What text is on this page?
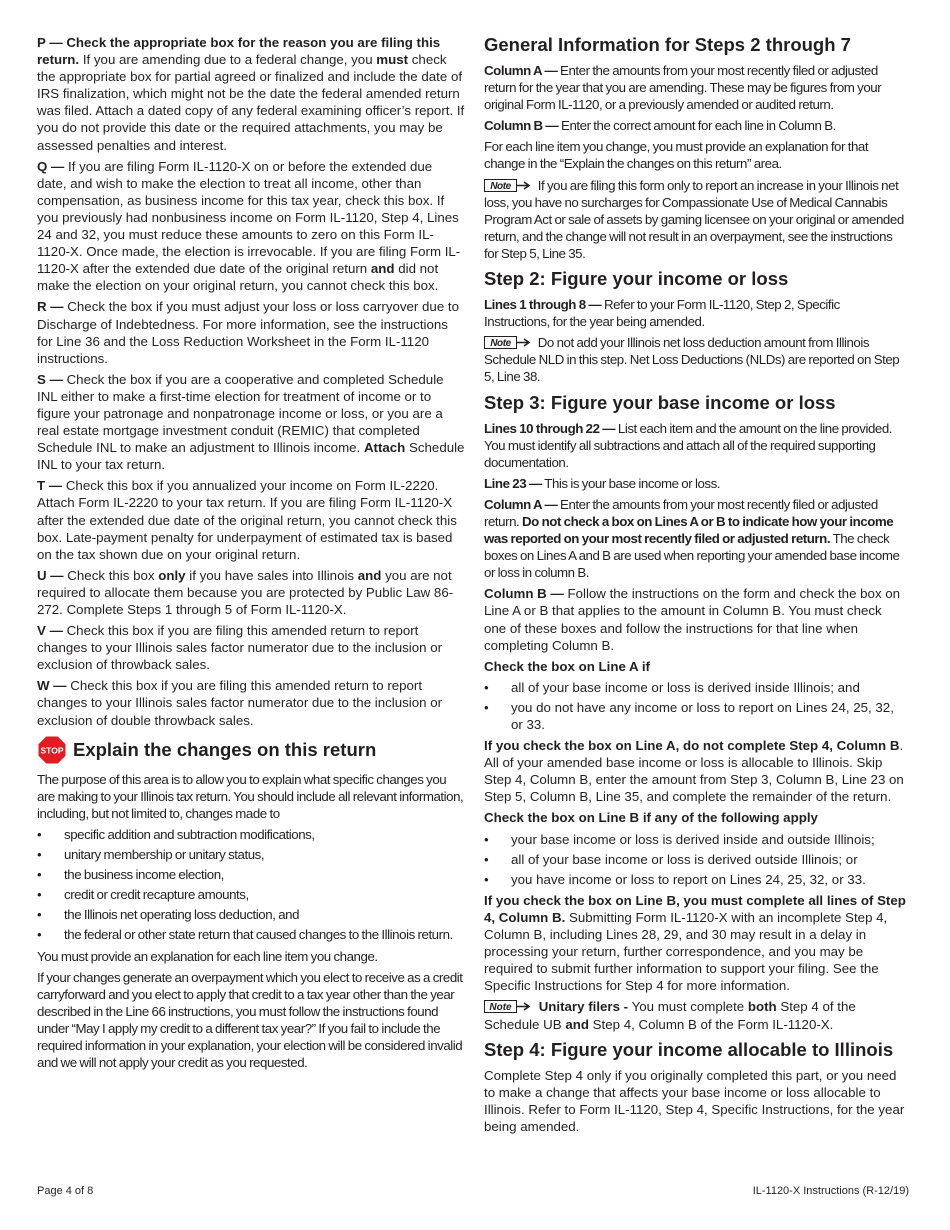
P — Check the appropriate box for the reason you are filing this return. If you are amending due to a federal change, you must check the appropriate box for partial agreed or finalized and include the date of IRS finalization, which might not be the date the federal amended return was filed. Attach a dated copy of any federal examining officer’s report. If you do not provide this date or the required attachments, you may be assessed penalties and interest.

Q — If you are filing Form IL-1120-X on or before the extended due date, and wish to make the election to treat all income, other than compensation, as business income for this tax year, check this box. If you previously had nonbusiness income on Form IL-1120, Step 4, Lines 24 and 32, you must reduce these amounts to zero on this Form IL-1120-X. Once made, the election is irrevocable. If you are filing Form IL-1120-X after the extended due date of the original return and did not make the election on your original return, you cannot check this box.

R — Check the box if you must adjust your loss or loss carryover due to Discharge of Indebtedness. For more information, see the instructions for Line 36 and the Loss Reduction Worksheet in the Form IL-1120 instructions.

S — Check the box if you are a cooperative and completed Schedule INL either to make a first-time election for treatment of income or to figure your patronage and nonpatronage income or loss, or you are a real estate mortgage investment conduit (REMIC) that completed Schedule INL to make an adjustment to Illinois income. Attach Schedule INL to your tax return.

T — Check this box if you annualized your income on Form IL-2220. Attach Form IL-2220 to your tax return. If you are filing Form IL-1120-X after the extended due date of the original return, you cannot check this box. Late-payment penalty for underpayment of estimated tax is based on the tax shown due on your original return.

U — Check this box only if you have sales into Illinois and you are not required to allocate them because you are protected by Public Law 86-272. Complete Steps 1 through 5 of Form IL-1120-X.

V — Check this box if you are filing this amended return to report changes to your Illinois sales factor numerator due to the inclusion or exclusion of throwback sales.

W — Check this box if you are filing this amended return to report changes to your Illinois sales factor numerator due to the inclusion or exclusion of double throwback sales.

STOP Explain the changes on this return

The purpose of this area is to allow you to explain what specific changes you are making to your Illinois tax return. You should include all relevant information, including, but not limited to, changes made to

• specific addition and subtraction modifications,
• unitary membership or unitary status,
• the business income election,
• credit or credit recapture amounts,
• the Illinois net operating loss deduction, and
• the federal or other state return that caused changes to the Illinois return.

You must provide an explanation for each line item you change.

If your changes generate an overpayment which you elect to receive as a credit carryforward and you elect to apply that credit to a tax year other than the year described in the Line 66 instructions, you must follow the instructions found under “May I apply my credit to a different tax year?” If you fail to include the required information in your explanation, your election will be considered invalid and we will not apply your credit as you requested.

General Information for Steps 2 through 7

Column A — Enter the amounts from your most recently filed or adjusted return for the year that you are amending. These may be figures from your original Form IL-1120, or a previously amended or audited return.

Column B — Enter the correct amount for each line in Column B.

For each line item you change, you must provide an explanation for that change in the “Explain the changes on this return” area.

Note If you are filing this form only to report an increase in your Illinois net loss, you have no surcharges for Compassionate Use of Medical Cannabis Program Act or sale of assets by gaming licensee on your original or amended return, and the change will not result in an overpayment, see the instructions for Step 5, Line 35.

Step 2: Figure your income or loss

Lines 1 through 8 — Refer to your Form IL-1120, Step 2, Specific Instructions, for the year being amended.

Note Do not add your Illinois net loss deduction amount from Illinois Schedule NLD in this step. Net Loss Deductions (NLDs) are reported on Step 5, Line 38.

Step 3: Figure your base income or loss

Lines 10 through 22 — List each item and the amount on the line provided. You must identify all subtractions and attach all of the required supporting documentation.

Line 23 — This is your base income or loss.

Column A — Enter the amounts from your most recently filed or adjusted return. Do not check a box on Lines A or B to indicate how your income was reported on your most recently filed or adjusted return. The check boxes on Lines A and B are used when reporting your amended base income or loss in column B.

Column B — Follow the instructions on the form and check the box on Line A or B that applies to the amount in Column B. You must check one of these boxes and follow the instructions for that line when completing Column B.

Check the box on Line A if

• all of your base income or loss is derived inside Illinois; and
• you do not have any income or loss to report on Lines 24, 25, 32, or 33.

If you check the box on Line A, do not complete Step 4, Column B. All of your amended base income or loss is allocable to Illinois. Skip Step 4, Column B, enter the amount from Step 3, Column B, Line 23 on Step 5, Column B, Line 35, and complete the remainder of the return.

Check the box on Line B if any of the following apply

• your base income or loss is derived inside and outside Illinois;
• all of your base income or loss is derived outside Illinois; or
• you have income or loss to report on Lines 24, 25, 32, or 33.

If you check the box on Line B, you must complete all lines of Step 4, Column B. Submitting Form IL-1120-X with an incomplete Step 4, Column B, including Lines 28, 29, and 30 may result in a delay in processing your return, further correspondence, and you may be required to submit further information to support your filing. See the Specific Instructions for Step 4 for more information.

Note Unitary filers - You must complete both Step 4 of the Schedule UB and Step 4, Column B of the Form IL-1120-X.

Step 4: Figure your income allocable to Illinois

Complete Step 4 only if you originally completed this part, or you need to make a change that affects your base income or loss allocable to Illinois. Refer to Form IL-1120, Step 4, Specific Instructions, for the year being amended.

Page 4 of 8	IL-1120-X Instructions (R-12/19)
